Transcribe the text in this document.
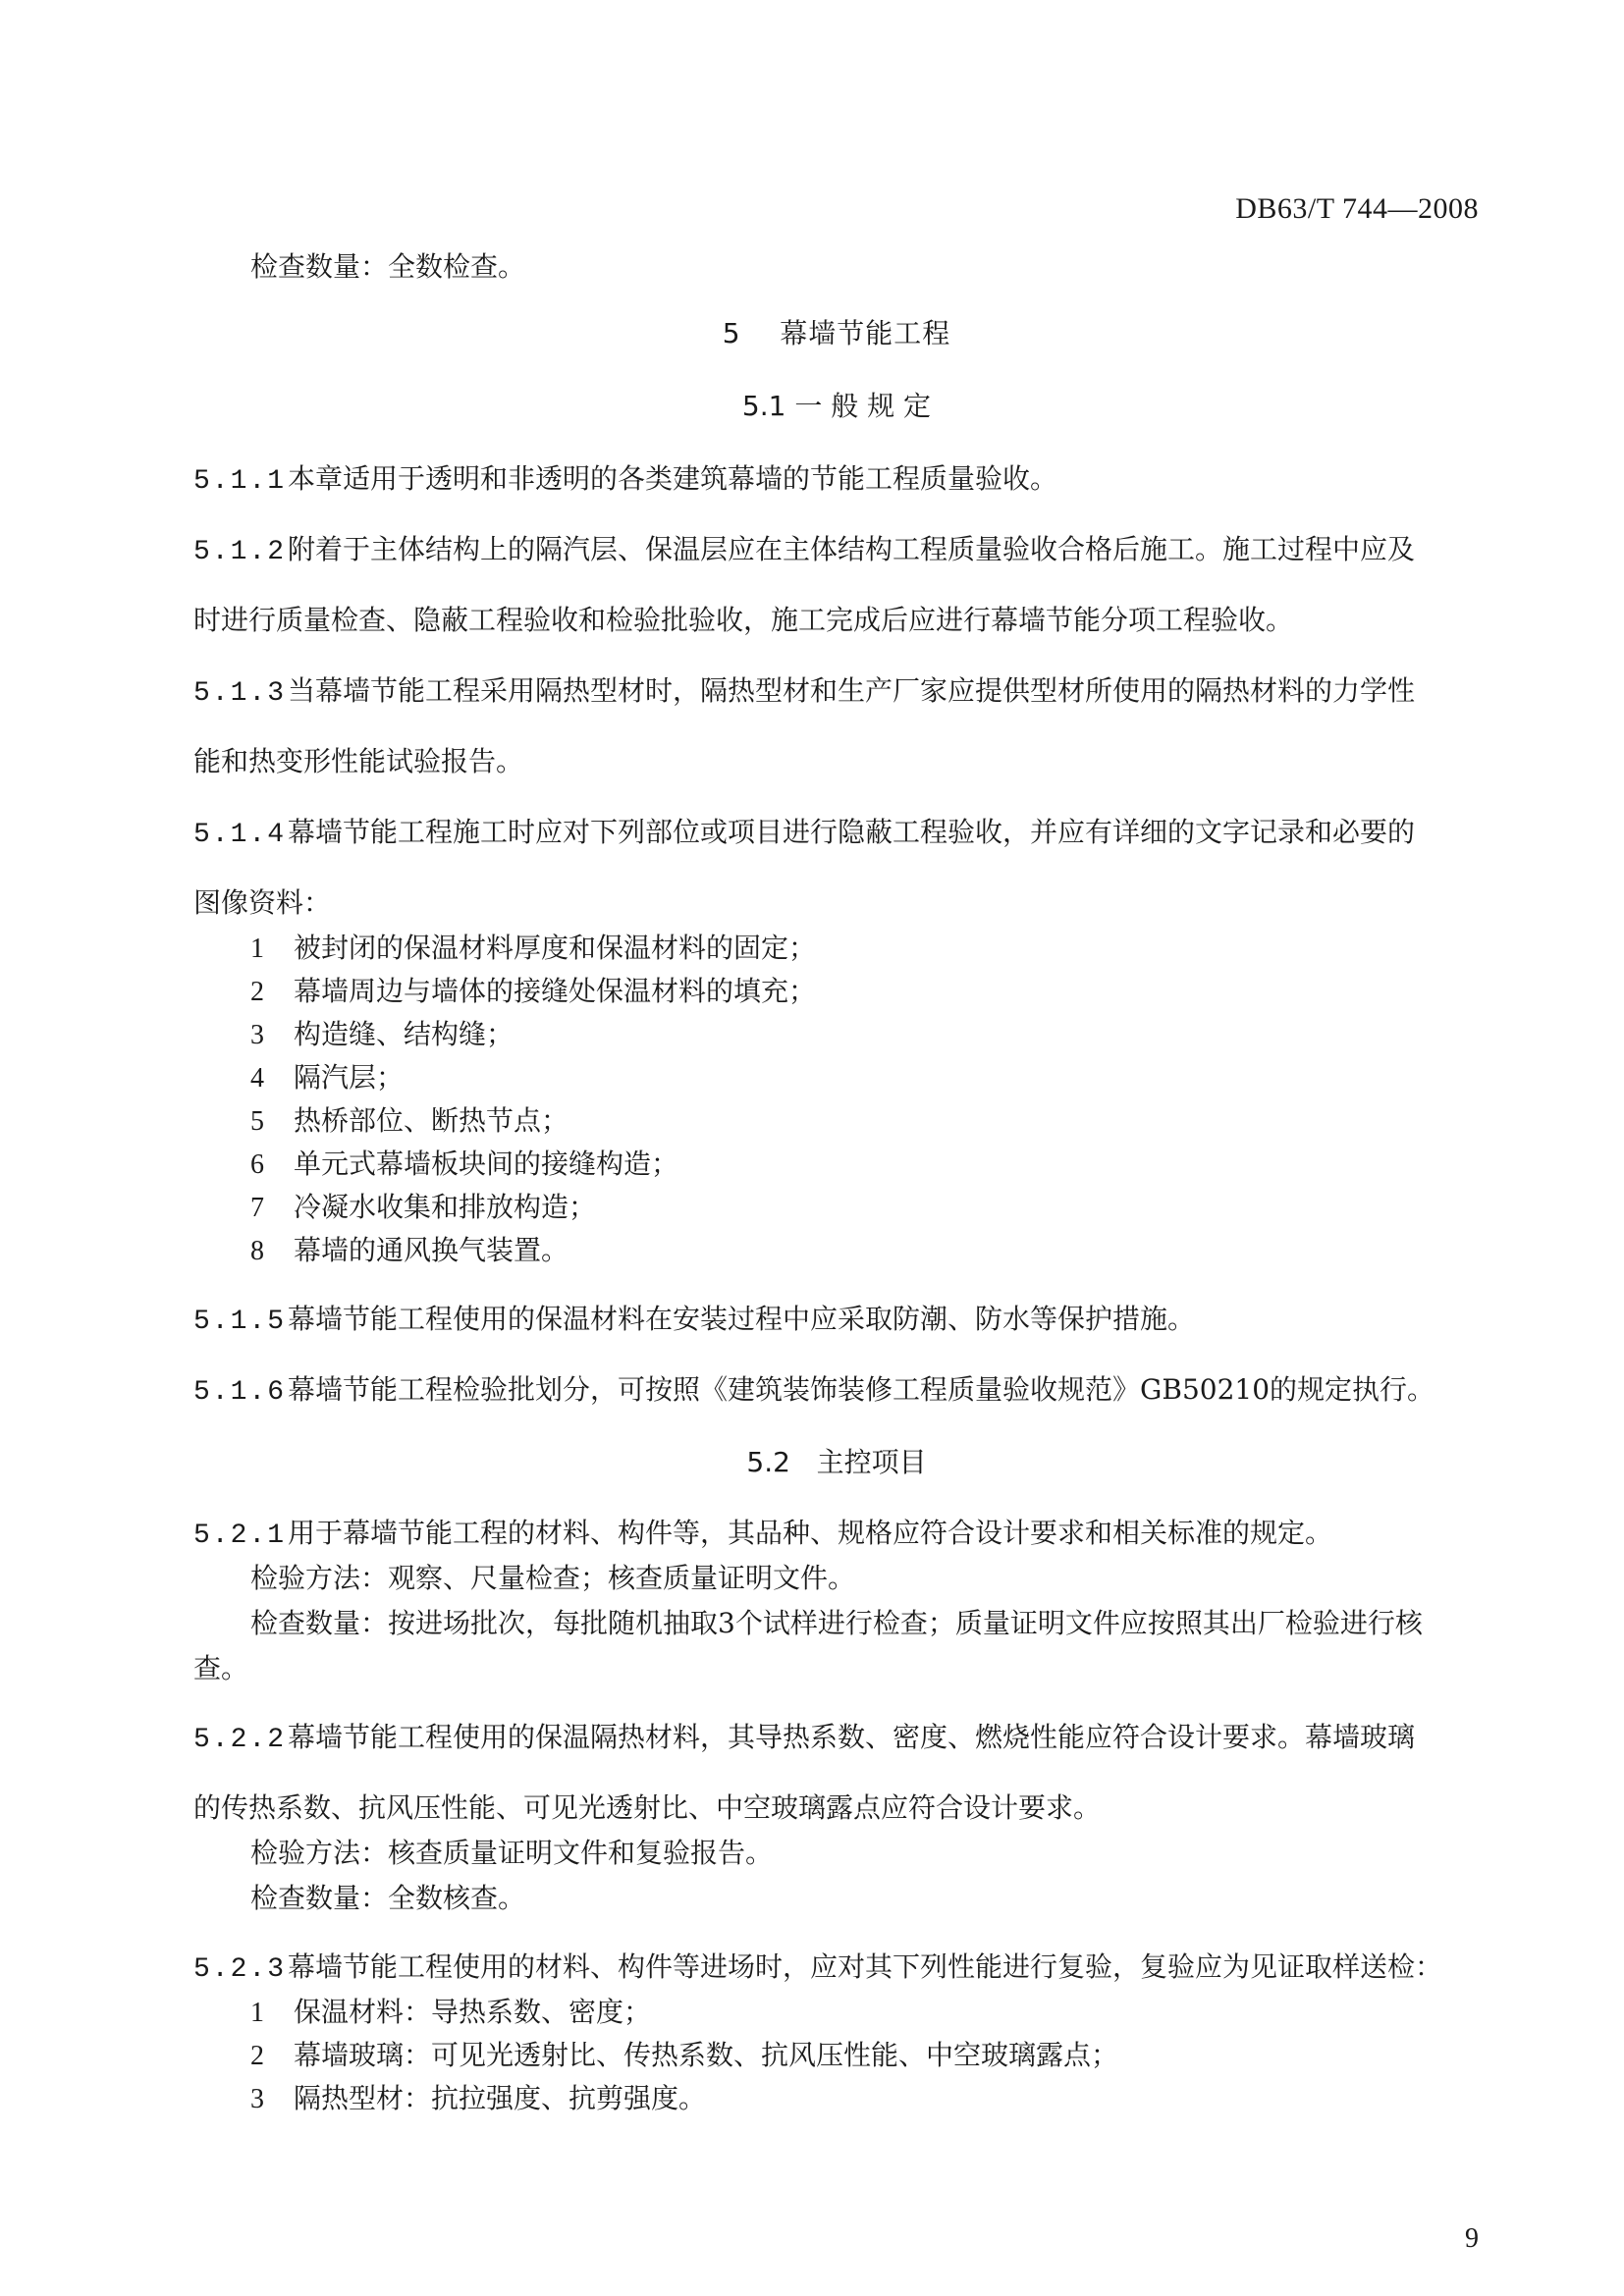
DB63/T 744—2008
检查数量：全数检查。
5 幕墙节能工程
5.1 一 般 规 定
5.1.1本章适用于透明和非透明的各类建筑幕墙的节能工程质量验收。
5.1.2附着于主体结构上的隔汽层、保温层应在主体结构工程质量验收合格后施工。施工过程中应及
时进行质量检查、隐蔽工程验收和检验批验收，施工完成后应进行幕墙节能分项工程验收。
5.1.3当幕墙节能工程采用隔热型材时，隔热型材和生产厂家应提供型材所使用的隔热材料的力学性
能和热变形性能试验报告。
5.1.4幕墙节能工程施工时应对下列部位或项目进行隐蔽工程验收，并应有详细的文字记录和必要的
图像资料：
1 被封闭的保温材料厚度和保温材料的固定；
2 幕墙周边与墙体的接缝处保温材料的填充；
3 构造缝、结构缝；
4 隔汽层；
5 热桥部位、断热节点；
6 单元式幕墙板块间的接缝构造；
7 冷凝水收集和排放构造；
8 幕墙的通风换气装置。
5.1.5幕墙节能工程使用的保温材料在安装过程中应采取防潮、防水等保护措施。
5.1.6幕墙节能工程检验批划分，可按照《建筑装饰装修工程质量验收规范》GB50210的规定执行。
5.2 主控项目
5.2.1用于幕墙节能工程的材料、构件等，其品种、规格应符合设计要求和相关标准的规定。
检验方法：观察、尺量检查；核查质量证明文件。
检查数量：按进场批次，每批随机抽取3个试样进行检查；质量证明文件应按照其出厂检验进行核
查。
5.2.2幕墙节能工程使用的保温隔热材料，其导热系数、密度、燃烧性能应符合设计要求。幕墙玻璃
的传热系数、抗风压性能、可见光透射比、中空玻璃露点应符合设计要求。
检验方法：核查质量证明文件和复验报告。
检查数量：全数核查。
5.2.3幕墙节能工程使用的材料、构件等进场时，应对其下列性能进行复验，复验应为见证取样送检：
1 保温材料：导热系数、密度；
2 幕墙玻璃：可见光透射比、传热系数、抗风压性能、中空玻璃露点；
3 隔热型材：抗拉强度、抗剪强度。
9
